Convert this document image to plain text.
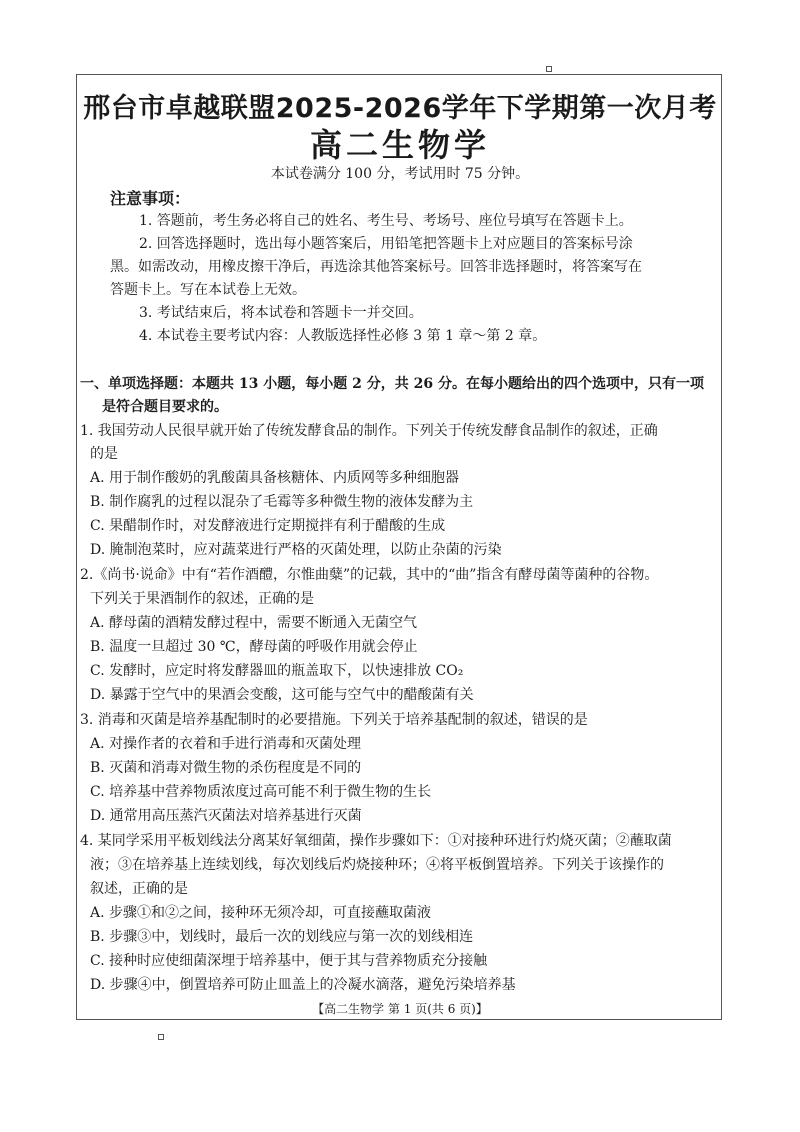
邢台市卓越联盟2025-2026学年下学期第一次月考
高二生物学
本试卷满分 100 分，考试用时 75 分钟。
注意事项：
1. 答题前，考生务必将自己的姓名、考生号、考场号、座位号填写在答题卡上。
2. 回答选择题时，选出每小题答案后，用铅笔把答题卡上对应题目的答案标号涂
黑。如需改动，用橡皮擦干净后，再选涂其他答案标号。回答非选择题时，将答案写在
答题卡上。写在本试卷上无效。
3. 考试结束后，将本试卷和答题卡一并交回。
4. 本试卷主要考试内容：人教版选择性必修 3 第 1 章～第 2 章。
一、单项选择题：本题共 13 小题，每小题 2 分，共 26 分。在每小题给出的四个选项中，只有一项
是符合题目要求的。
1. 我国劳动人民很早就开始了传统发酵食品的制作。下列关于传统发酵食品制作的叙述，正确
的是
A. 用于制作酸奶的乳酸菌具备核糖体、内质网等多种细胞器
B. 制作腐乳的过程以混杂了毛霉等多种微生物的液体发酵为主
C. 果醋制作时，对发酵液进行定期搅拌有利于醋酸的生成
D. 腌制泡菜时，应对蔬菜进行严格的灭菌处理，以防止杂菌的污染
2.《尚书·说命》中有“若作酒醴，尔惟曲糵”的记载，其中的“曲”指含有酵母菌等菌种的谷物。
下列关于果酒制作的叙述，正确的是
A. 酵母菌的酒精发酵过程中，需要不断通入无菌空气
B. 温度一旦超过 30 ℃，酵母菌的呼吸作用就会停止
C. 发酵时，应定时将发酵器皿的瓶盖取下，以快速排放 CO₂
D. 暴露于空气中的果酒会变酸，这可能与空气中的醋酸菌有关
3. 消毒和灭菌是培养基配制时的必要措施。下列关于培养基配制的叙述，错误的是
A. 对操作者的衣着和手进行消毒和灭菌处理
B. 灭菌和消毒对微生物的杀伤程度是不同的
C. 培养基中营养物质浓度过高可能不利于微生物的生长
D. 通常用高压蒸汽灭菌法对培养基进行灭菌
4. 某同学采用平板划线法分离某好氧细菌，操作步骤如下：①对接种环进行灼烧灭菌；②蘸取菌
液；③在培养基上连续划线，每次划线后灼烧接种环；④将平板倒置培养。下列关于该操作的
叙述，正确的是
A. 步骤①和②之间，接种环无须冷却，可直接蘸取菌液
B. 步骤③中，划线时，最后一次的划线应与第一次的划线相连
C. 接种时应使细菌深埋于培养基中，便于其与营养物质充分接触
D. 步骤④中，倒置培养可防止皿盖上的冷凝水滴落，避免污染培养基
【高二生物学 第 1 页(共 6 页)】
